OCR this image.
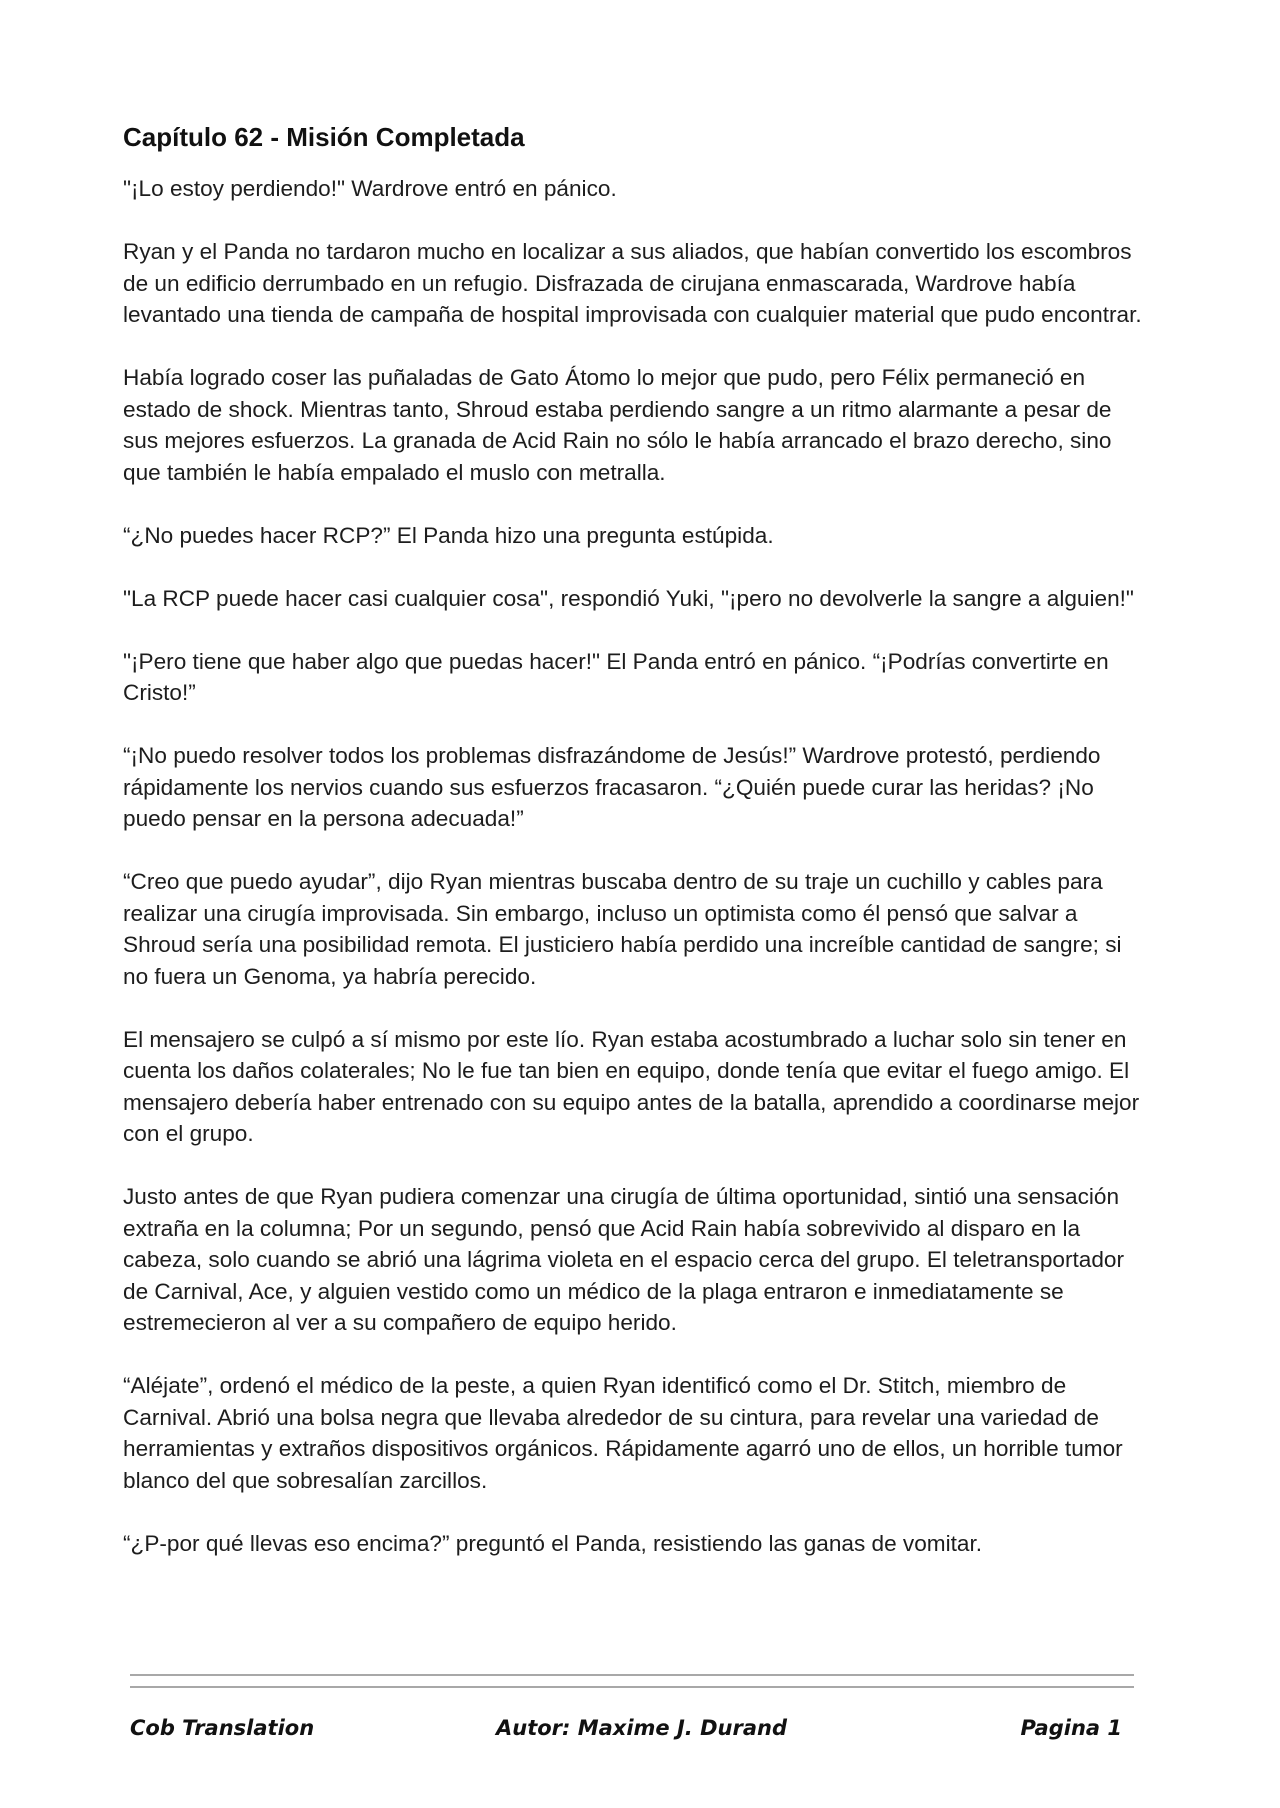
Capítulo 62 - Misión Completada

"¡Lo estoy perdiendo!" Wardrove entró en pánico.

Ryan y el Panda no tardaron mucho en localizar a sus aliados, que habían convertido los escombros de un edificio derrumbado en un refugio. Disfrazada de cirujana enmascarada, Wardrove había levantado una tienda de campaña de hospital improvisada con cualquier material que pudo encontrar.

Había logrado coser las puñaladas de Gato Átomo lo mejor que pudo, pero Félix permaneció en estado de shock. Mientras tanto, Shroud estaba perdiendo sangre a un ritmo alarmante a pesar de sus mejores esfuerzos. La granada de Acid Rain no sólo le había arrancado el brazo derecho, sino que también le había empalado el muslo con metralla.

“¿No puedes hacer RCP?” El Panda hizo una pregunta estúpida.

"La RCP puede hacer casi cualquier cosa", respondió Yuki, "¡pero no devolverle la sangre a alguien!"

"¡Pero tiene que haber algo que puedas hacer!" El Panda entró en pánico. “¡Podrías convertirte en Cristo!”

“¡No puedo resolver todos los problemas disfrazándome de Jesús!” Wardrove protestó, perdiendo rápidamente los nervios cuando sus esfuerzos fracasaron. “¿Quién puede curar las heridas? ¡No puedo pensar en la persona adecuada!”

“Creo que puedo ayudar”, dijo Ryan mientras buscaba dentro de su traje un cuchillo y cables para realizar una cirugía improvisada. Sin embargo, incluso un optimista como él pensó que salvar a Shroud sería una posibilidad remota. El justiciero había perdido una increíble cantidad de sangre; si no fuera un Genoma, ya habría perecido.

El mensajero se culpó a sí mismo por este lío. Ryan estaba acostumbrado a luchar solo sin tener en cuenta los daños colaterales; No le fue tan bien en equipo, donde tenía que evitar el fuego amigo. El mensajero debería haber entrenado con su equipo antes de la batalla, aprendido a coordinarse mejor con el grupo.

Justo antes de que Ryan pudiera comenzar una cirugía de última oportunidad, sintió una sensación extraña en la columna; Por un segundo, pensó que Acid Rain había sobrevivido al disparo en la cabeza, solo cuando se abrió una lágrima violeta en el espacio cerca del grupo. El teletransportador de Carnival, Ace, y alguien vestido como un médico de la plaga entraron e inmediatamente se estremecieron al ver a su compañero de equipo herido.

“Aléjate”, ordenó el médico de la peste, a quien Ryan identificó como el Dr. Stitch, miembro de Carnival. Abrió una bolsa negra que llevaba alrededor de su cintura, para revelar una variedad de herramientas y extraños dispositivos orgánicos. Rápidamente agarró uno de ellos, un horrible tumor blanco del que sobresalían zarcillos.

“¿P-por qué llevas eso encima?” preguntó el Panda, resistiendo las ganas de vomitar.

Cob Translation	Autor: Maxime J. Durand	Pagina 1
